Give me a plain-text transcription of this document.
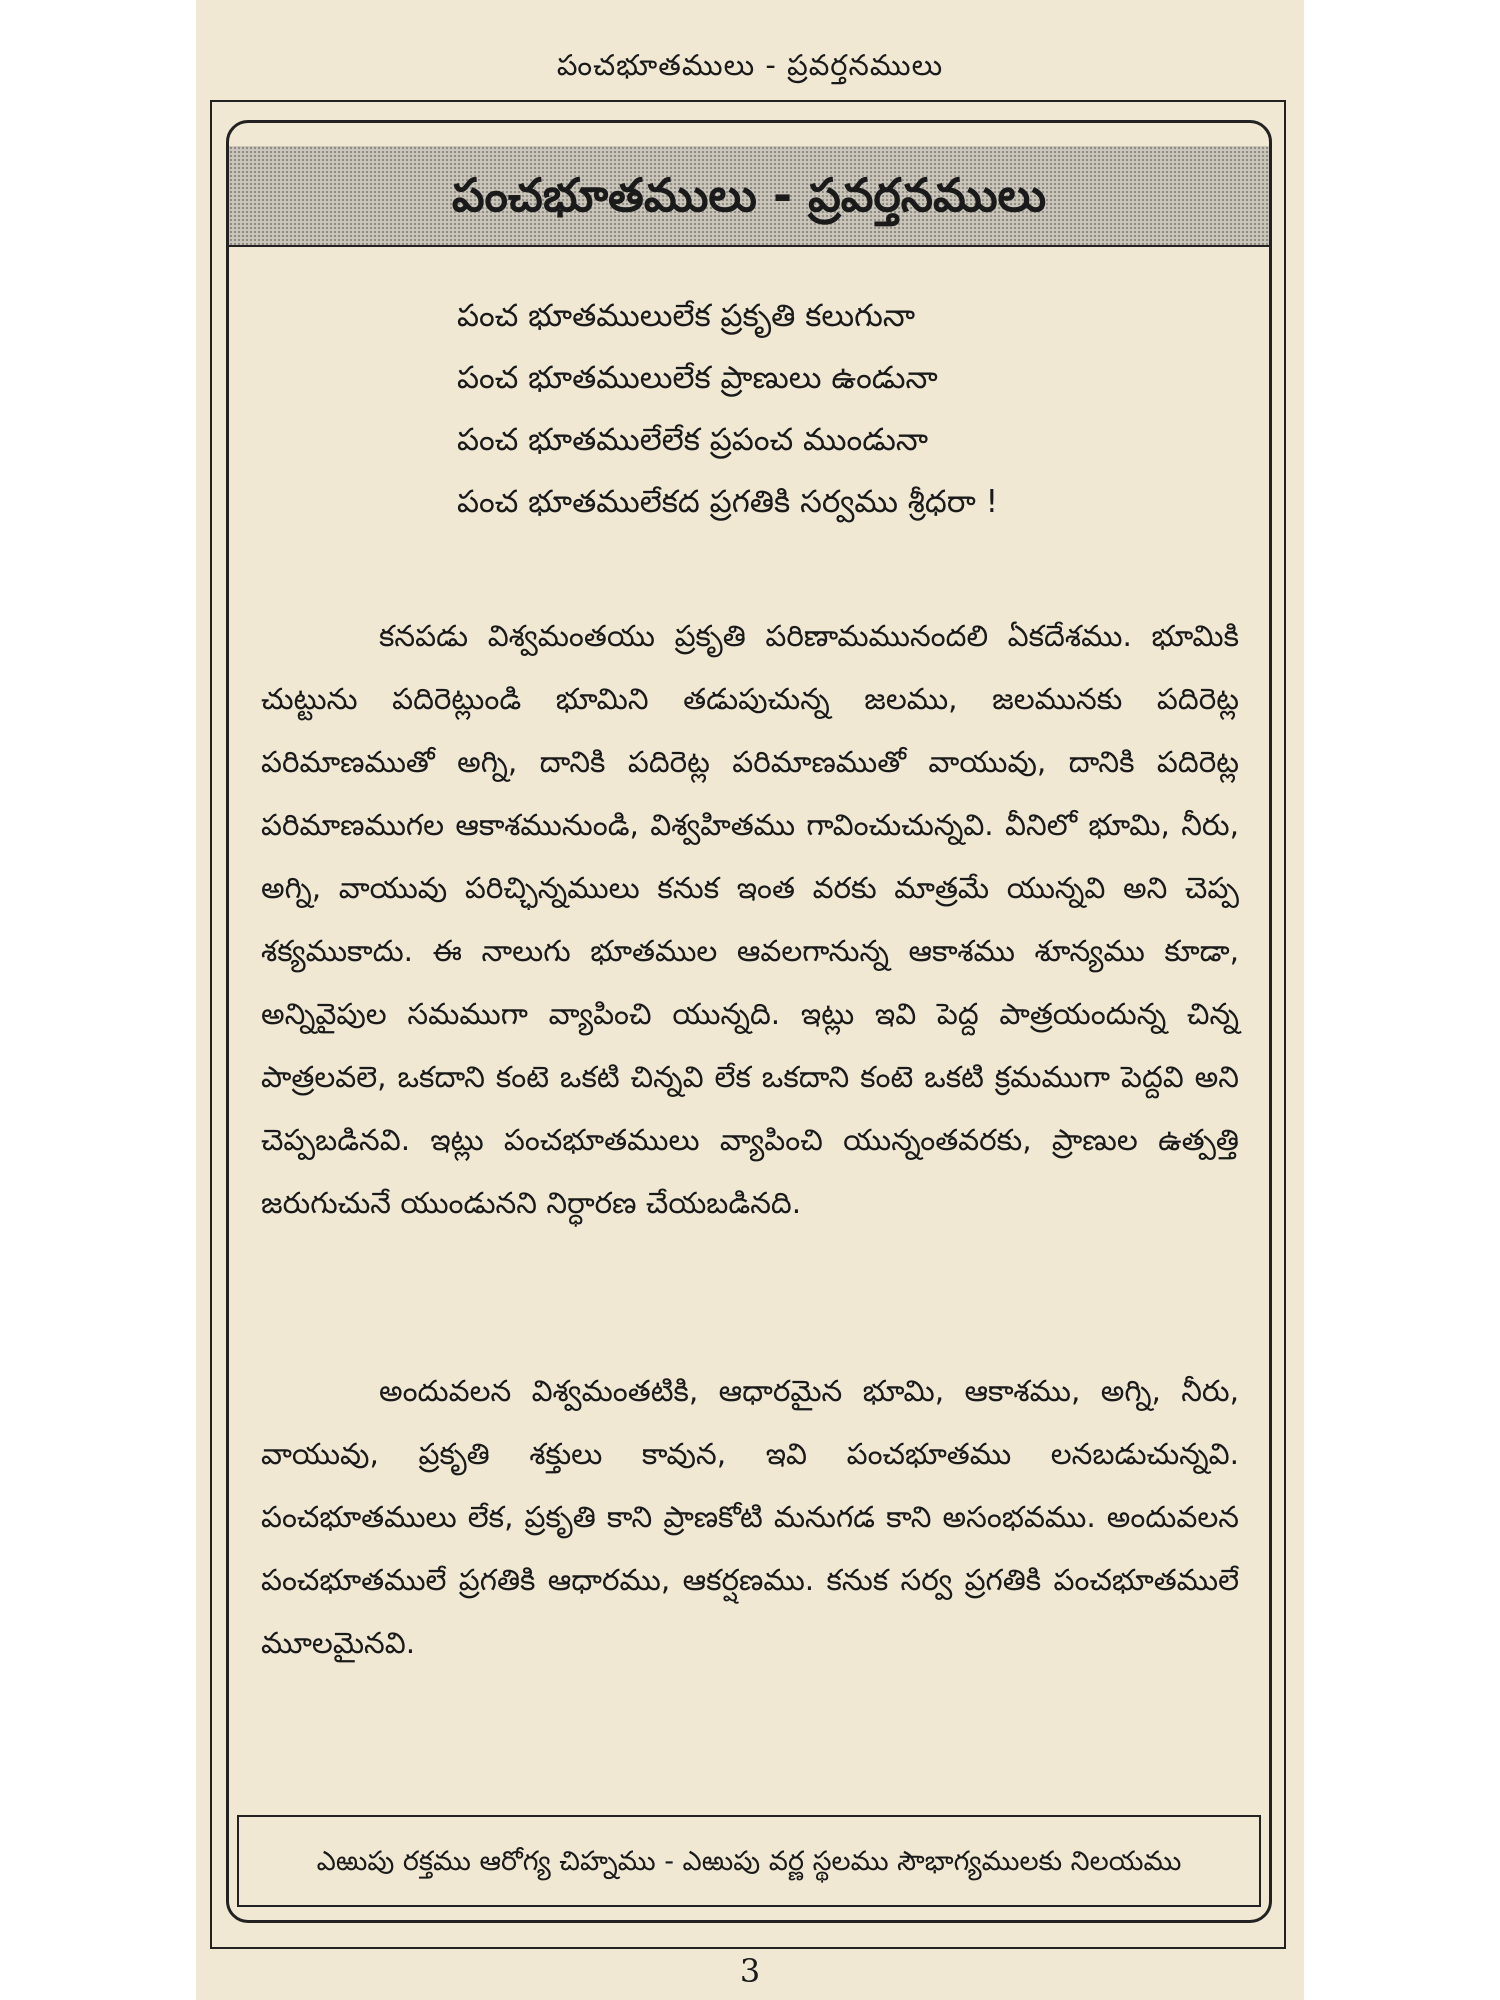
పంచభూతములు - ప్రవర్తనములు
పంచభూతములు - ప్రవర్తనములు
పంచ భూతములులేక ప్రకృతి కలుగునా
పంచ భూతములులేక ప్రాణులు ఉండునా
పంచ భూతములేలేక ప్రపంచ ముండునా
పంచ భూతములేకద ప్రగతికి సర్వము శ్రీధరా !

కనపడు విశ్వమంతయు ప్రకృతి పరిణామమునందలి ఏకదేశము. భూమికి చుట్టును పదిరెట్లుండి భూమిని తడుపుచున్న జలము, జలమునకు పదిరెట్ల పరిమాణముతో అగ్ని, దానికి పదిరెట్ల పరిమాణముతో వాయువు, దానికి పదిరెట్ల పరిమాణముగల ఆకాశమునుండి, విశ్వహితము గావించుచున్నవి. వీనిలో భూమి, నీరు, అగ్ని, వాయువు పరిచ్ఛిన్నములు కనుక ఇంత వరకు మాత్రమే యున్నవి అని చెప్ప శక్యముకాదు. ఈ నాలుగు భూతముల ఆవలగానున్న ఆకాశము శూన్యము కూడా, అన్నివైపుల సమముగా వ్యాపించి యున్నది. ఇట్లు ఇవి పెద్ద పాత్రయందున్న చిన్న పాత్రలవలె, ఒకదాని కంటె ఒకటి చిన్నవి లేక ఒకదాని కంటె ఒకటి క్రమముగా పెద్దవి అని చెప్పబడినవి. ఇట్లు పంచభూతములు వ్యాపించి యున్నంతవరకు, ప్రాణుల ఉత్పత్తి జరుగుచునే యుండునని నిర్ధారణ చేయబడినది.

అందువలన విశ్వమంతటికి, ఆధారమైన భూమి, ఆకాశము, అగ్ని, నీరు, వాయువు, ప్రకృతి శక్తులు కావున, ఇవి పంచభూతము లనబడుచున్నవి. పంచభూతములు లేక, ప్రకృతి కాని ప్రాణకోటి మనుగడ కాని అసంభవము. అందువలన పంచభూతములే ప్రగతికి ఆధారము, ఆకర్షణము. కనుక సర్వ ప్రగతికి పంచభూతములే మూలమైనవి.

ఎఱుపు రక్తము ఆరోగ్య చిహ్నము - ఎఱుపు వర్ణ స్థలము సౌభాగ్యములకు నిలయము
3
